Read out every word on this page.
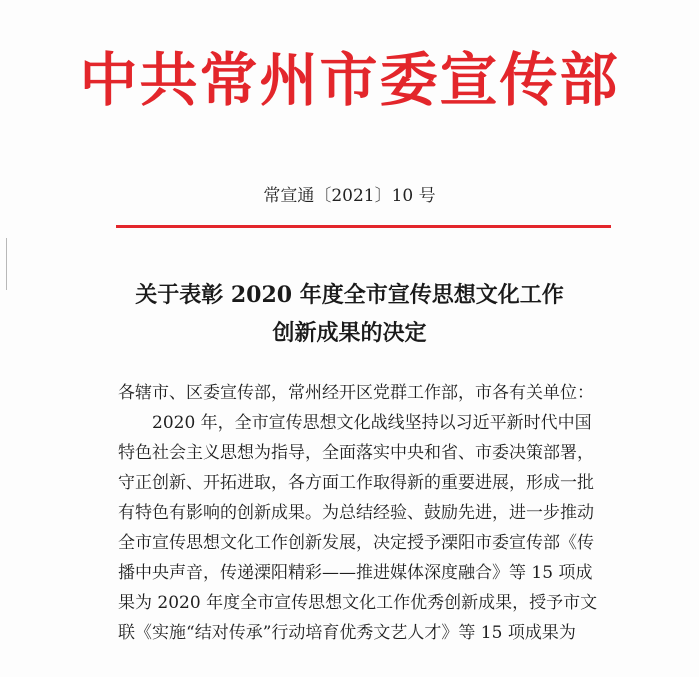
中共常州市委宣传部
常宣通〔2021〕10 号
关于表彰 2020 年度全市宣传思想文化工作
创新成果的决定
各辖市、区委宣传部，常州经开区党群工作部，市各有关单位：
　　2020 年，全市宣传思想文化战线坚持以习近平新时代中国
特色社会主义思想为指导，全面落实中央和省、市委决策部署，
守正创新、开拓进取，各方面工作取得新的重要进展，形成一批
有特色有影响的创新成果。为总结经验、鼓励先进，进一步推动
全市宣传思想文化工作创新发展，决定授予溧阳市委宣传部《传
播中央声音，传递溧阳精彩——推进媒体深度融合》等 15 项成
果为 2020 年度全市宣传思想文化工作优秀创新成果，授予市文
联《实施“结对传承”行动培育优秀文艺人才》等 15 项成果为
